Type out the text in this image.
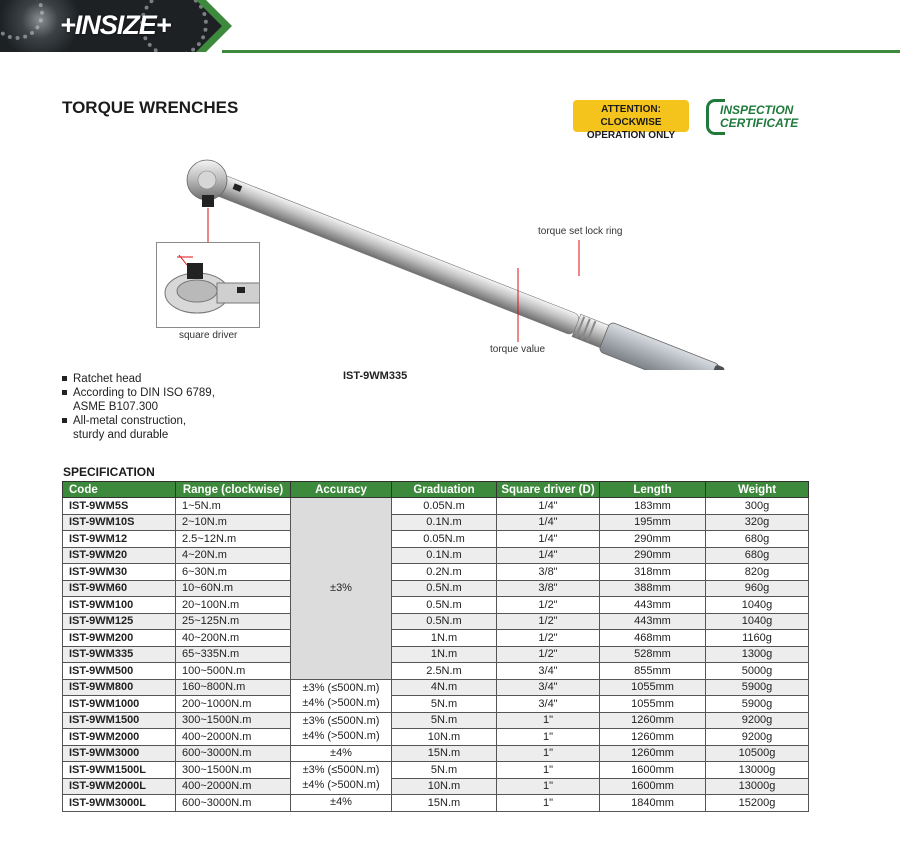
+INSIZE+
TORQUE WRENCHES	ATTENTION: CLOCKWISE OPERATION ONLY
INSPECTION
CERTIFICATE
square driver
torque set lock ring
torque value
IST-9WM335
Ratchet head
According to DIN ISO 6789, ASME B107.300
All-metal construction, sturdy and durable
SPECIFICATION
Code	Range (clockwise)	Accuracy	Graduation	Square driver (D)	Length	Weight
IST-9WM5S	1~5N.m	±3%	0.05N.m	1/4"	183mm	300g
IST-9WM10S	2~10N.m		0.1N.m	1/4"	195mm	320g
IST-9WM12	2.5~12N.m		0.05N.m	1/4"	290mm	680g
IST-9WM20	4~20N.m		0.1N.m	1/4"	290mm	680g
IST-9WM30	6~30N.m		0.2N.m	3/8"	318mm	820g
IST-9WM60	10~60N.m		0.5N.m	3/8"	388mm	960g
IST-9WM100	20~100N.m		0.5N.m	1/2"	443mm	1040g
IST-9WM125	25~125N.m		0.5N.m	1/2"	443mm	1040g
IST-9WM200	40~200N.m		1N.m	1/2"	468mm	1160g
IST-9WM335	65~335N.m		1N.m	1/2"	528mm	1300g
IST-9WM500	100~500N.m		2.5N.m	3/4"	855mm	5000g
IST-9WM800	160~800N.m	±3% (≤500N.m)
±4% (>500N.m)	4N.m	3/4"	1055mm	5900g
IST-9WM1000	200~1000N.m		5N.m	3/4"	1055mm	5900g
IST-9WM1500	300~1500N.m	±3% (≤500N.m)
±4% (>500N.m)	5N.m	1"	1260mm	9200g
IST-9WM2000	400~2000N.m		10N.m	1"	1260mm	9200g
IST-9WM3000	600~3000N.m	±4%	15N.m	1"	1260mm	10500g
IST-9WM1500L	300~1500N.m	±3% (≤500N.m)
±4% (>500N.m)	5N.m	1"	1600mm	13000g
IST-9WM2000L	400~2000N.m		10N.m	1"	1600mm	13000g
IST-9WM3000L	600~3000N.m	±4%	15N.m	1"	1840mm	15200g
